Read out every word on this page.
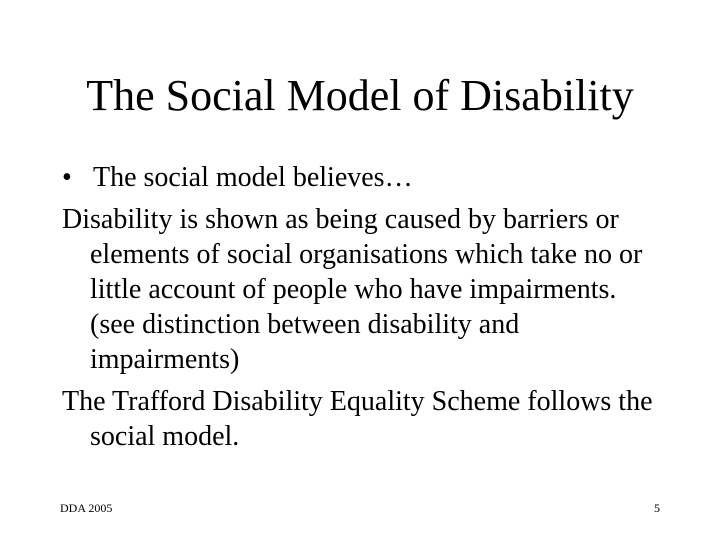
The Social Model of Disability
• The social model believes…
Disability is shown as being caused by barriers or elements of social organisations which take no or little account of people who have impairments. (see distinction between disability and impairments)
The Trafford Disability Equality Scheme follows the social model.
DDA 2005	5
